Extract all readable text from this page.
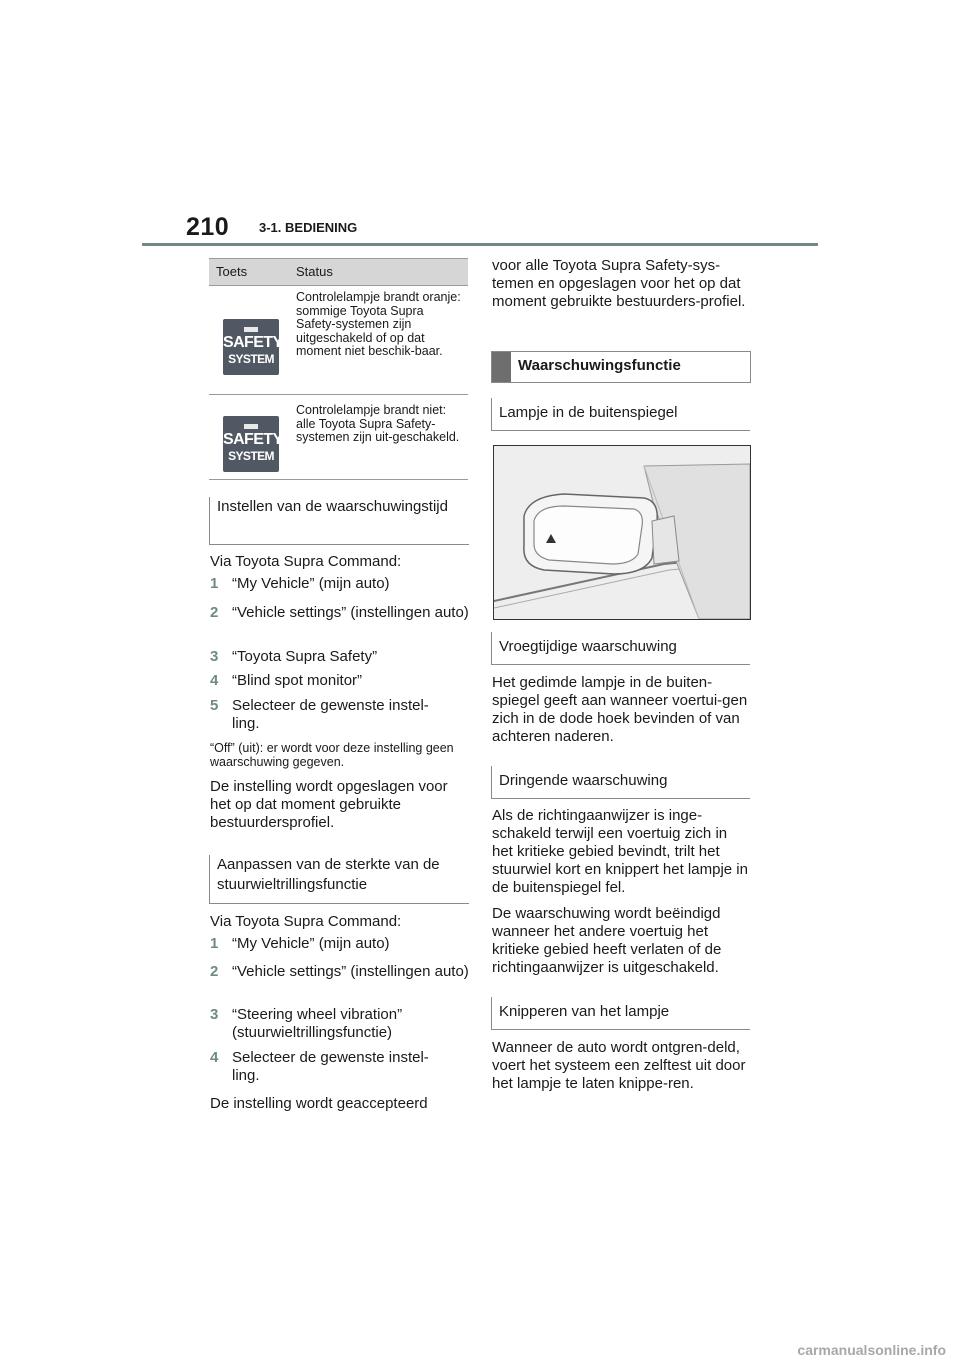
210 3-1. BEDIENING
Toets	Status
SAFETY
SYSTEM
Controlelampje brandt oranje: sommige Toyota Supra Safety-systemen zijn uitgeschakeld of op dat moment niet beschik-baar.
SAFETY
SYSTEM
Controlelampje brandt niet: alle Toyota Supra Safety-systemen zijn uit-geschakeld.
Instellen van de waarschuwingstijd
Via Toyota Supra Command:
1 “My Vehicle” (mijn auto)
2 “Vehicle settings” (instellingen auto)
3 “Toyota Supra Safety”
4 “Blind spot monitor”
5 Selecteer de gewenste instel-ling.
“Off” (uit): er wordt voor deze instelling geen waarschuwing gegeven.
De instelling wordt opgeslagen voor het op dat moment gebruikte bestuurdersprofiel.
Aanpassen van de sterkte van de stuurwieltrillingsfunctie
Via Toyota Supra Command:
1 “My Vehicle” (mijn auto)
2 “Vehicle settings” (instellingen auto)
3 “Steering wheel vibration” (stuurwieltrillingsfunctie)
4 Selecteer de gewenste instel-ling.
De instelling wordt geaccepteerd
voor alle Toyota Supra Safety-sys-temen en opgeslagen voor het op dat moment gebruikte bestuurders-profiel.
Waarschuwingsfunctie
Lampje in de buitenspiegel
Vroegtijdige waarschuwing
Het gedimde lampje in de buiten-spiegel geeft aan wanneer voertui-gen zich in de dode hoek bevinden of van achteren naderen.
Dringende waarschuwing
Als de richtingaanwijzer is inge-schakeld terwijl een voertuig zich in het kritieke gebied bevindt, trilt het stuurwiel kort en knippert het lampje in de buitenspiegel fel.
De waarschuwing wordt beëindigd wanneer het andere voertuig het kritieke gebied heeft verlaten of de richtingaanwijzer is uitgeschakeld.
Knipperen van het lampje
Wanneer de auto wordt ontgren-deld, voert het systeem een zelftest uit door het lampje te laten knippe-ren.
carmanualsonline.info
